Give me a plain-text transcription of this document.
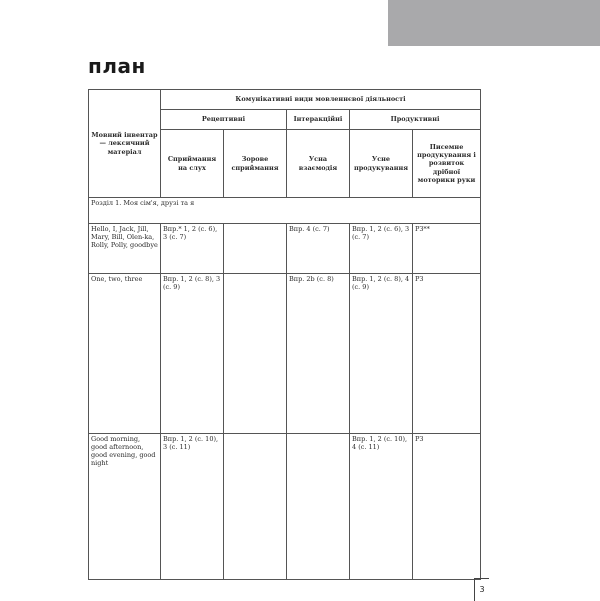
план
Мовний інвентар — лексичний матеріал	Комунікативні види мовленнєвої діяльності				
	Рецептивні		Інтеракційні	Продуктивні	
	Сприймання на слух	Зорове сприймання	Усна взаємодія	Усне продукування	Писемне продукування і розвиток дрібної моторики руки
Розділ 1. Моя сім'я, друзі та я					
Hello, I, Jack, Jill, Mary, Bill, Olen-ka, Rolly, Polly, goodbye	Впр.* 1, 2 (с. 6), 3 (с. 7)		Впр. 4 (с. 7)	Впр. 1, 2 (с. 6), 3 (с. 7)	РЗ**
One, two, three	Впр. 1, 2 (с. 8), 3 (с. 9)		Впр. 2b (с. 8)	Впр. 1, 2 (с. 8), 4 (с. 9)	РЗ
Good morning, good afternoon, good evening, good night	Впр. 1, 2 (с. 10), 3 (с. 11)			Впр. 1, 2 (с. 10), 4 (с. 11)	РЗ
3
